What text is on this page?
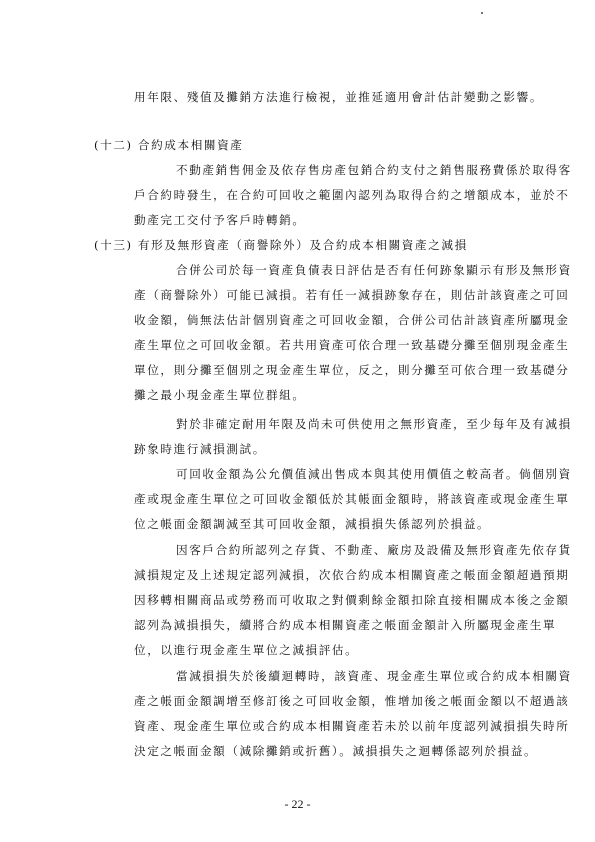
用年限、殘值及攤銷方法進行檢視，並推延適用會計估計變動之影響。
(十二) 合約成本相關資產
不動產銷售佣金及依存售房產包銷合約支付之銷售服務費係於取得客戶合約時發生，在合約可回收之範圍內認列為取得合約之增額成本，並於不動產完工交付予客戶時轉銷。
(十三) 有形及無形資產（商譽除外）及合約成本相關資產之減損
合併公司於每一資產負債表日評估是否有任何跡象顯示有形及無形資產（商譽除外）可能已減損。若有任一減損跡象存在，則估計該資產之可回收金額，倘無法估計個別資產之可回收金額，合併公司估計該資產所屬現金產生單位之可回收金額。若共用資產可依合理一致基礎分攤至個別現金產生單位，則分攤至個別之現金產生單位，反之，則分攤至可依合理一致基礎分攤之最小現金產生單位群組。
對於非確定耐用年限及尚未可供使用之無形資產，至少每年及有減損跡象時進行減損測試。
可回收金額為公允價值減出售成本與其使用價值之較高者。倘個別資產或現金產生單位之可回收金額低於其帳面金額時，將該資產或現金產生單位之帳面金額調減至其可回收金額，減損損失係認列於損益。
因客戶合約所認列之存貨、不動產、廠房及設備及無形資產先依存貨減損規定及上述規定認列減損，次依合約成本相關資產之帳面金額超過預期因移轉相關商品或勞務而可收取之對價剩餘金額扣除直接相關成本後之金額認列為減損損失，續將合約成本相關資產之帳面金額計入所屬現金產生單位，以進行現金產生單位之減損評估。
當減損損失於後續迴轉時，該資產、現金產生單位或合約成本相關資產之帳面金額調增至修訂後之可回收金額，惟增加後之帳面金額以不超過該資產、現金產生單位或合約成本相關資產若未於以前年度認列減損損失時所決定之帳面金額（減除攤銷或折舊）。減損損失之迴轉係認列於損益。
- 22 -
